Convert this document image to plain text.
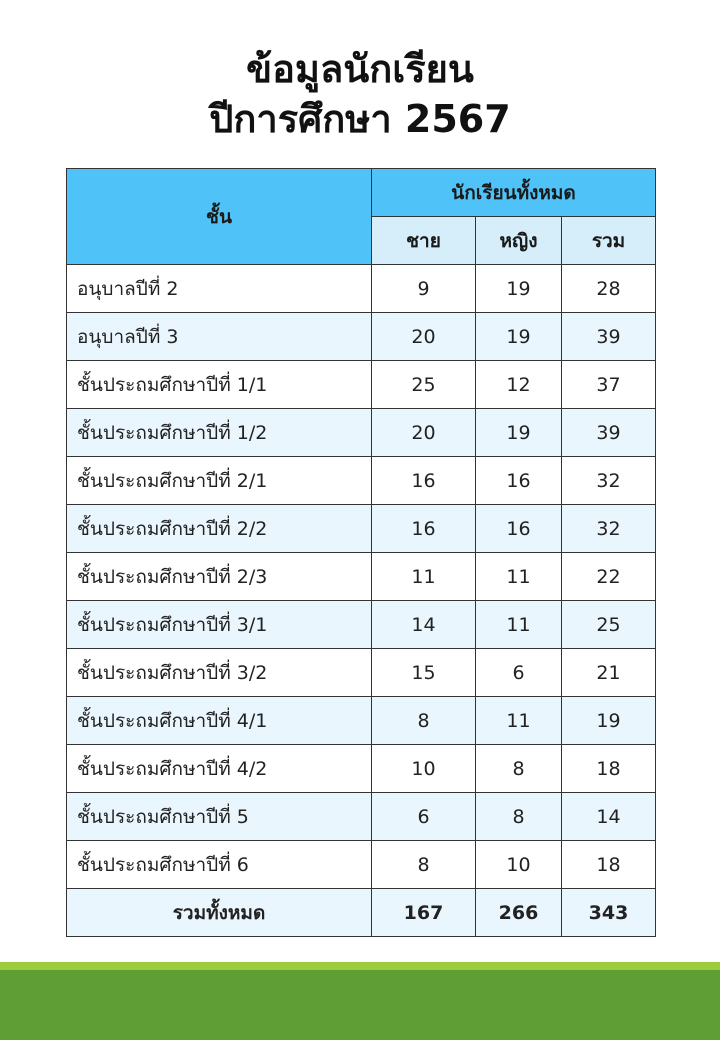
ข้อมูลนักเรียน
ปีการศึกษา 2567
ชั้น	นักเรียนทั้งหมด		
	ชาย	หญิง	รวม
อนุบาลปีที่ 2	9	19	28
อนุบาลปีที่ 3	20	19	39
ชั้นประถมศึกษาปีที่ 1/1	25	12	37
ชั้นประถมศึกษาปีที่ 1/2	20	19	39
ชั้นประถมศึกษาปีที่ 2/1	16	16	32
ชั้นประถมศึกษาปีที่ 2/2	16	16	32
ชั้นประถมศึกษาปีที่ 2/3	11	11	22
ชั้นประถมศึกษาปีที่ 3/1	14	11	25
ชั้นประถมศึกษาปีที่ 3/2	15	6	21
ชั้นประถมศึกษาปีที่ 4/1	8	11	19
ชั้นประถมศึกษาปีที่ 4/2	10	8	18
ชั้นประถมศึกษาปีที่ 5	6	8	14
ชั้นประถมศึกษาปีที่ 6	8	10	18
รวมทั้งหมด	167	266	343
